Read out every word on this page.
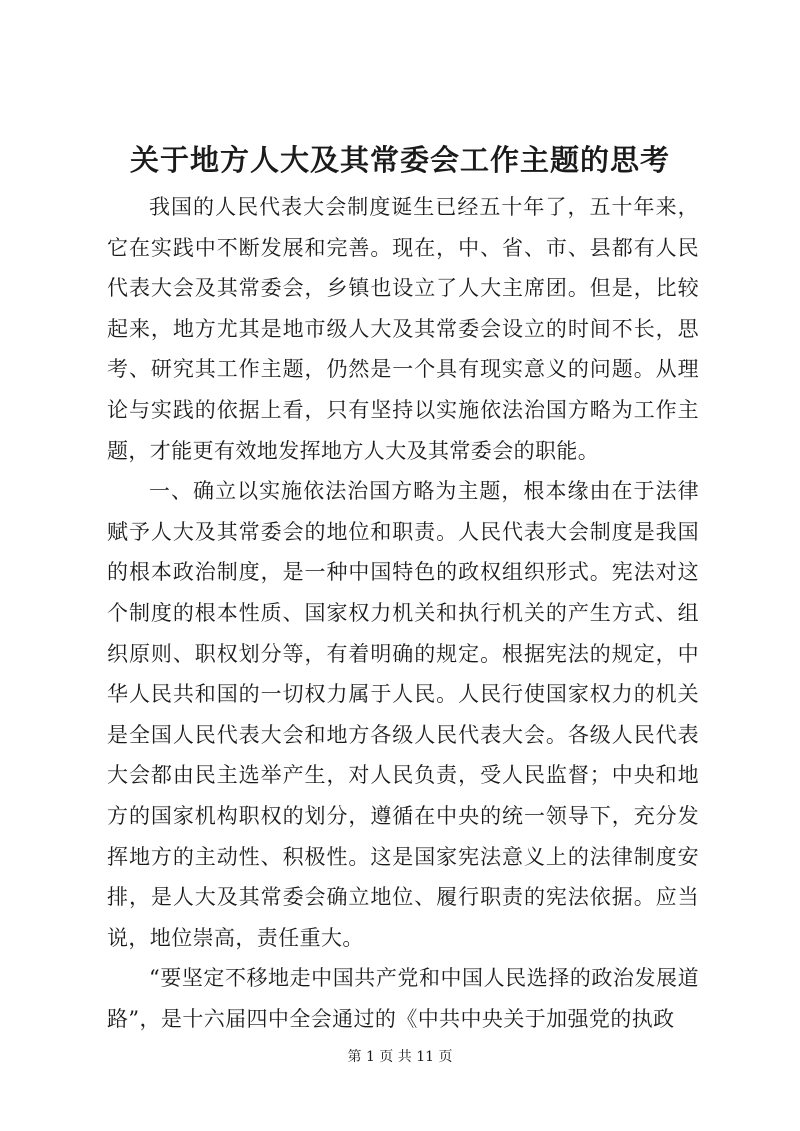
关于地方人大及其常委会工作主题的思考

我国的人民代表大会制度诞生已经五十年了，五十年来，它在实践中不断发展和完善。现在，中、省、市、县都有人民代表大会及其常委会，乡镇也设立了人大主席团。但是，比较起来，地方尤其是地市级人大及其常委会设立的时间不长，思考、研究其工作主题，仍然是一个具有现实意义的问题。从理论与实践的依据上看，只有坚持以实施依法治国方略为工作主题，才能更有效地发挥地方人大及其常委会的职能。

一、确立以实施依法治国方略为主题，根本缘由在于法律赋予人大及其常委会的地位和职责。人民代表大会制度是我国的根本政治制度，是一种中国特色的政权组织形式。宪法对这个制度的根本性质、国家权力机关和执行机关的产生方式、组织原则、职权划分等，有着明确的规定。根据宪法的规定，中华人民共和国的一切权力属于人民。人民行使国家权力的机关是全国人民代表大会和地方各级人民代表大会。各级人民代表大会都由民主选举产生，对人民负责，受人民监督；中央和地方的国家机构职权的划分，遵循在中央的统一领导下，充分发挥地方的主动性、积极性。这是国家宪法意义上的法律制度安排，是人大及其常委会确立地位、履行职责的宪法依据。应当说，地位崇高，责任重大。

“要坚定不移地走中国共产党和中国人民选择的政治发展道路”，是十六届四中全会通过的《中共中央关于加强党的执政

第 1 页 共 11 页
